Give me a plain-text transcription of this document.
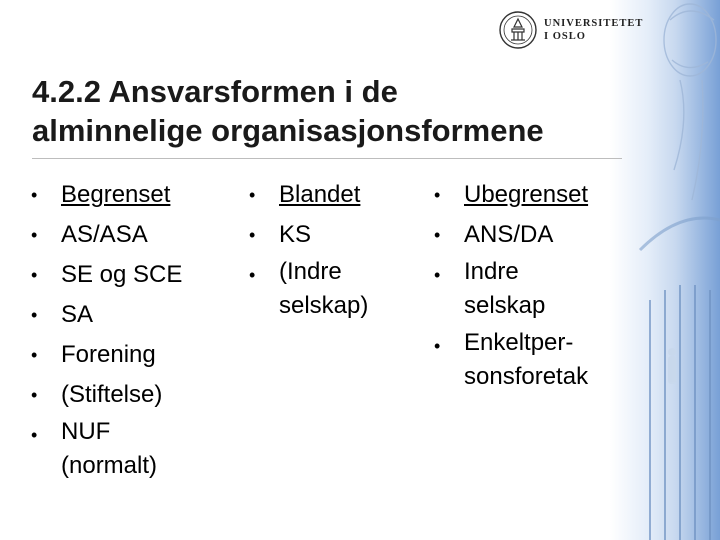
UNIVERSITETET
I OSLO
4.2.2 Ansvarsformen i de
alminnelige organisasjonsformene
• Begrenset
• AS/ASA
• SE og SCE
• SA
• Forening
• (Stiftelse)
• NUF
(normalt)
• Blandet
• KS
• (Indre
selskap)
• Ubegrenset
• ANS/DA
• Indre
selskap
• Enkeltper-
sonsforetak
